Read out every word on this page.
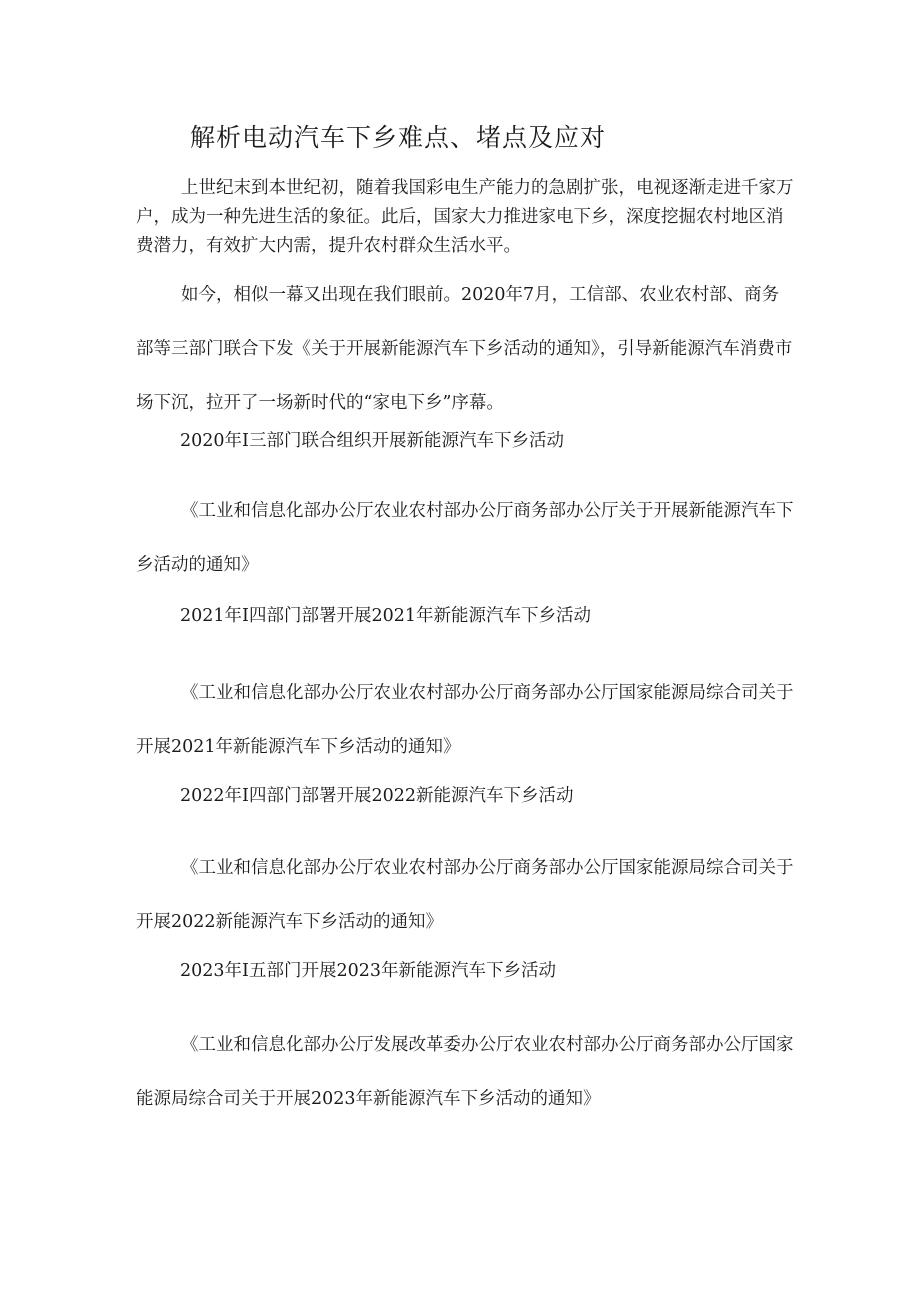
解析电动汽车下乡难点、堵点及应对

上世纪末到本世纪初，随着我国彩电生产能力的急剧扩张，电视逐渐走进千家万户，成为一种先进生活的象征。此后，国家大力推进家电下乡，深度挖掘农村地区消费潜力，有效扩大内需，提升农村群众生活水平。

如今，相似一幕又出现在我们眼前。2020年7月，工信部、农业农村部、商务部等三部门联合下发《关于开展新能源汽车下乡活动的通知》，引导新能源汽车消费市场下沉，拉开了一场新时代的“家电下乡”序幕。

2020年I三部门联合组织开展新能源汽车下乡活动

《工业和信息化部办公厅农业农村部办公厅商务部办公厅关于开展新能源汽车下乡活动的通知》

2021年I四部门部署开展2021年新能源汽车下乡活动

《工业和信息化部办公厅农业农村部办公厅商务部办公厅国家能源局综合司关于开展2021年新能源汽车下乡活动的通知》

2022年I四部门部署开展2022新能源汽车下乡活动

《工业和信息化部办公厅农业农村部办公厅商务部办公厅国家能源局综合司关于开展2022新能源汽车下乡活动的通知》

2023年I五部门开展2023年新能源汽车下乡活动

《工业和信息化部办公厅发展改革委办公厅农业农村部办公厅商务部办公厅国家能源局综合司关于开展2023年新能源汽车下乡活动的通知》
